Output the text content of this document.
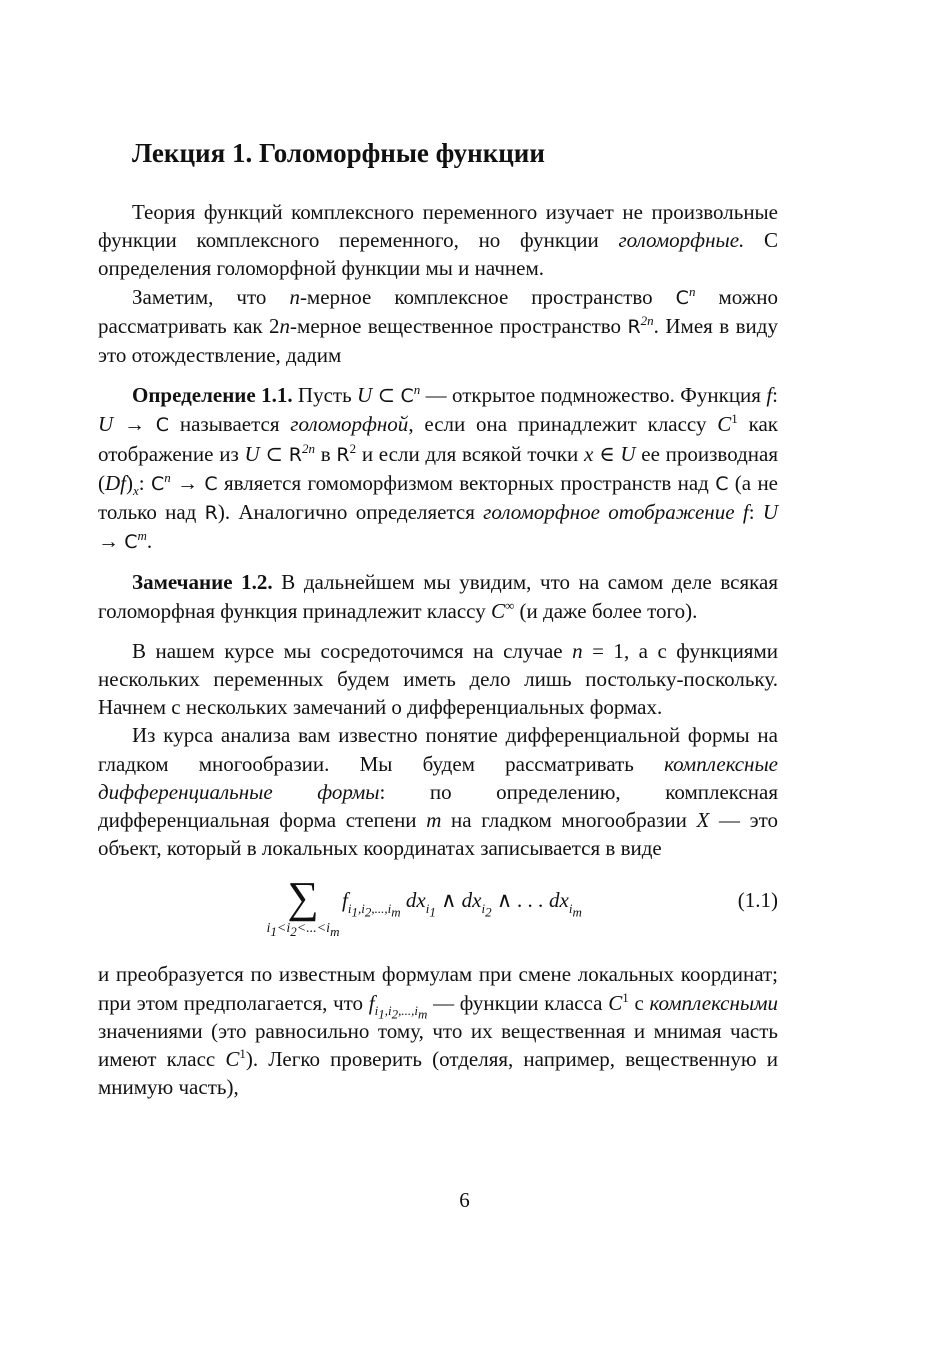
Лекция 1. Голоморфные функции

Теория функций комплексного переменного изучает не произвольные функции комплексного переменного, но функции голоморфные. С определения голоморфной функции мы и начнем.

Заметим, что n-мерное комплексное пространство $C^n$ можно рассматривать как 2n-мерное вещественное пространство $R^{2n}$. Имея в виду это отождествление, дадим

Определение 1.1. Пусть U ⊂ $C^n$ — открытое подмножество. Функция f: U → C называется голоморфной, если она принадлежит классу $C^1$ как отображение из U ⊂ $R^{2n}$ в $R^2$ и если для всякой точки x ∈ U ее производная $(Df)_x$: $C^n \to C$ является гомоморфизмом векторных пространств над C (а не только над R). Аналогично определяется голоморфное отображение f: $U \to C^m$.

Замечание 1.2. В дальнейшем мы увидим, что на самом деле всякая голоморфная функция принадлежит классу C∞ (и даже более того).

В нашем курсе мы сосредоточимся на случае n = 1, а с функциями нескольких переменных будем иметь дело лишь постольку-поскольку. Начнем с нескольких замечаний о дифференциальных формах.

Из курса анализа вам известно понятие дифференциальной формы на гладком многообразии. Мы будем рассматривать комплексные дифференциальные формы: по определению, комплексная дифференциальная форма степени m на гладком многообразии X — это объект, который в локальных координатах записывается в виде

∑
$i_1<i_2<...<i_m$
$f_{i_1,i_2,...,i_m}$ $dx_{i_1}$ ∧ $dx_{i_2}$ ∧ . . . $dx_{i_m}$	(1.1)

и преобразуется по известным формулам при смене локальных координат; при этом предполагается, что $f_{i_1,i_2,...,i_m}$ — функции класса $C^1$ с комплексными значениями (это равносильно тому, что их вещественная и мнимая часть имеют класс $C^1$). Легко проверить (отделяя, например, вещественную и мнимую часть),

6
